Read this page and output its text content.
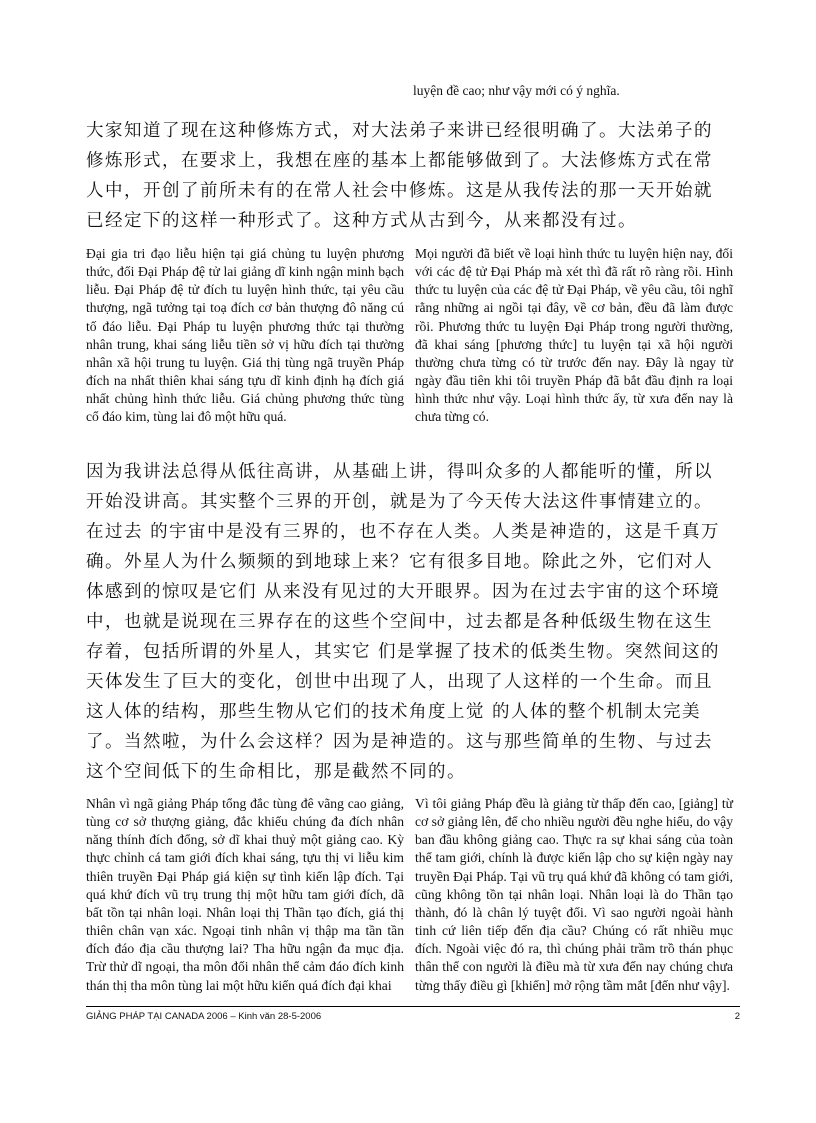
luyện đề cao; như vậy mới có ý nghĩa.

大家知道了现在这种修炼方式，对大法弟子来讲已经很明确了。大法弟子的修炼形式，在要求上，我想在座的基本上都能够做到了。大法修炼方式在常人中，开创了前所未有的在常人社会中修炼。这是从我传法的那一天开始就已经定下的这样一种形式了。这种方式从古到今，从来都没有过。

Đại gia tri đạo liễu hiện tại giá chủng tu luyện phương thức, đối Đại Pháp đệ tử lai giảng dĩ kinh ngận minh bạch liễu. Đại Pháp đệ tử đích tu luyện hình thức, tại yêu cầu thượng, ngã tưởng tại toạ đích cơ bản thượng đô năng cú tố đáo liễu. Đại Pháp tu luyện phương thức tại thường nhân trung, khai sáng liễu tiền sở vị hữu đích tại thường nhân xã hội trung tu luyện. Giá thị tùng ngã truyền Pháp đích na nhất thiên khai sáng tựu dĩ kinh định hạ đích giá nhất chủng hình thức liễu. Giá chủng phương thức tùng cổ đáo kim, tùng lai đô một hữu quá.

Mọi người đã biết về loại hình thức tu luyện hiện nay, đối với các đệ tử Đại Pháp mà xét thì đã rất rõ ràng rồi. Hình thức tu luyện của các đệ tử Đại Pháp, về yêu cầu, tôi nghĩ rằng những ai ngồi tại đây, về cơ bản, đều đã làm được rồi. Phương thức tu luyện Đại Pháp trong người thường, đã khai sáng [phương thức] tu luyện tại xã hội người thường chưa từng có từ trước đến nay. Đây là ngay từ ngày đầu tiên khi tôi truyền Pháp đã bắt đầu định ra loại hình thức như vậy. Loại hình thức ấy, từ xưa đến nay là chưa từng có.

因为我讲法总得从低往高讲，从基础上讲，得叫众多的人都能听的懂，所以开始没讲高。其实整个三界的开创，就是为了今天传大法这件事情建立的。在过去 的宇宙中是没有三界的，也不存在人类。人类是神造的，这是千真万确。外星人为什么频频的到地球上来？它有很多目地。除此之外，它们对人体感到的惊叹是它们 从来没有见过的大开眼界。因为在过去宇宙的这个环境中，也就是说现在三界存在的这些个空间中，过去都是各种低级生物在这生存着，包括所谓的外星人，其实它 们是掌握了技术的低类生物。突然间这的天体发生了巨大的变化，创世中出现了人，出现了人这样的一个生命。而且这人体的结构，那些生物从它们的技术角度上觉 的人体的整个机制太完美了。当然啦，为什么会这样？因为是神造的。这与那些简单的生物、与过去这个空间低下的生命相比，那是截然不同的。

Nhân vì ngã giảng Pháp tổng đắc tùng đê vãng cao giảng, tùng cơ sở thượng giảng, đắc khiếu chúng đa đích nhân năng thính đích đổng, sở dĩ khai thuỷ một giảng cao. Kỳ thực chỉnh cá tam giới đích khai sáng, tựu thị vi liễu kim thiên truyền Đại Pháp giá kiện sự tình kiến lập đích. Tại quá khứ đích vũ trụ trung thị một hữu tam giới đích, dã bất tồn tại nhân loại. Nhân loại thị Thần tạo đích, giá thị thiên chân vạn xác. Ngoại tinh nhân vị thập ma tần tần đích đáo địa cầu thượng lai? Tha hữu ngận đa mục địa. Trừ thử dĩ ngoại, tha môn đối nhân thể cảm đáo đích kinh thán thị tha môn tùng lai một hữu kiến quá đích đại khai

Vì tôi giảng Pháp đều là giảng từ thấp đến cao, [giảng] từ cơ sở giảng lên, để cho nhiều người đều nghe hiểu, do vậy ban đầu không giảng cao. Thực ra sự khai sáng của toàn thể tam giới, chính là được kiến lập cho sự kiện ngày nay truyền Đại Pháp. Tại vũ trụ quá khứ đã không có tam giới, cũng không tồn tại nhân loại. Nhân loại là do Thần tạo thành, đó là chân lý tuyệt đối. Vì sao người ngoài hành tinh cứ liên tiếp đến địa cầu? Chúng có rất nhiều mục đích. Ngoài việc đó ra, thì chúng phải trầm trồ thán phục thân thể con người là điều mà từ xưa đến nay chúng chưa từng thấy điều gì [khiến] mở rộng tầm mắt [đến như vậy].

GIẢNG PHÁP TẠI CANADA 2006 – Kinh văn 28-5-2006	2
